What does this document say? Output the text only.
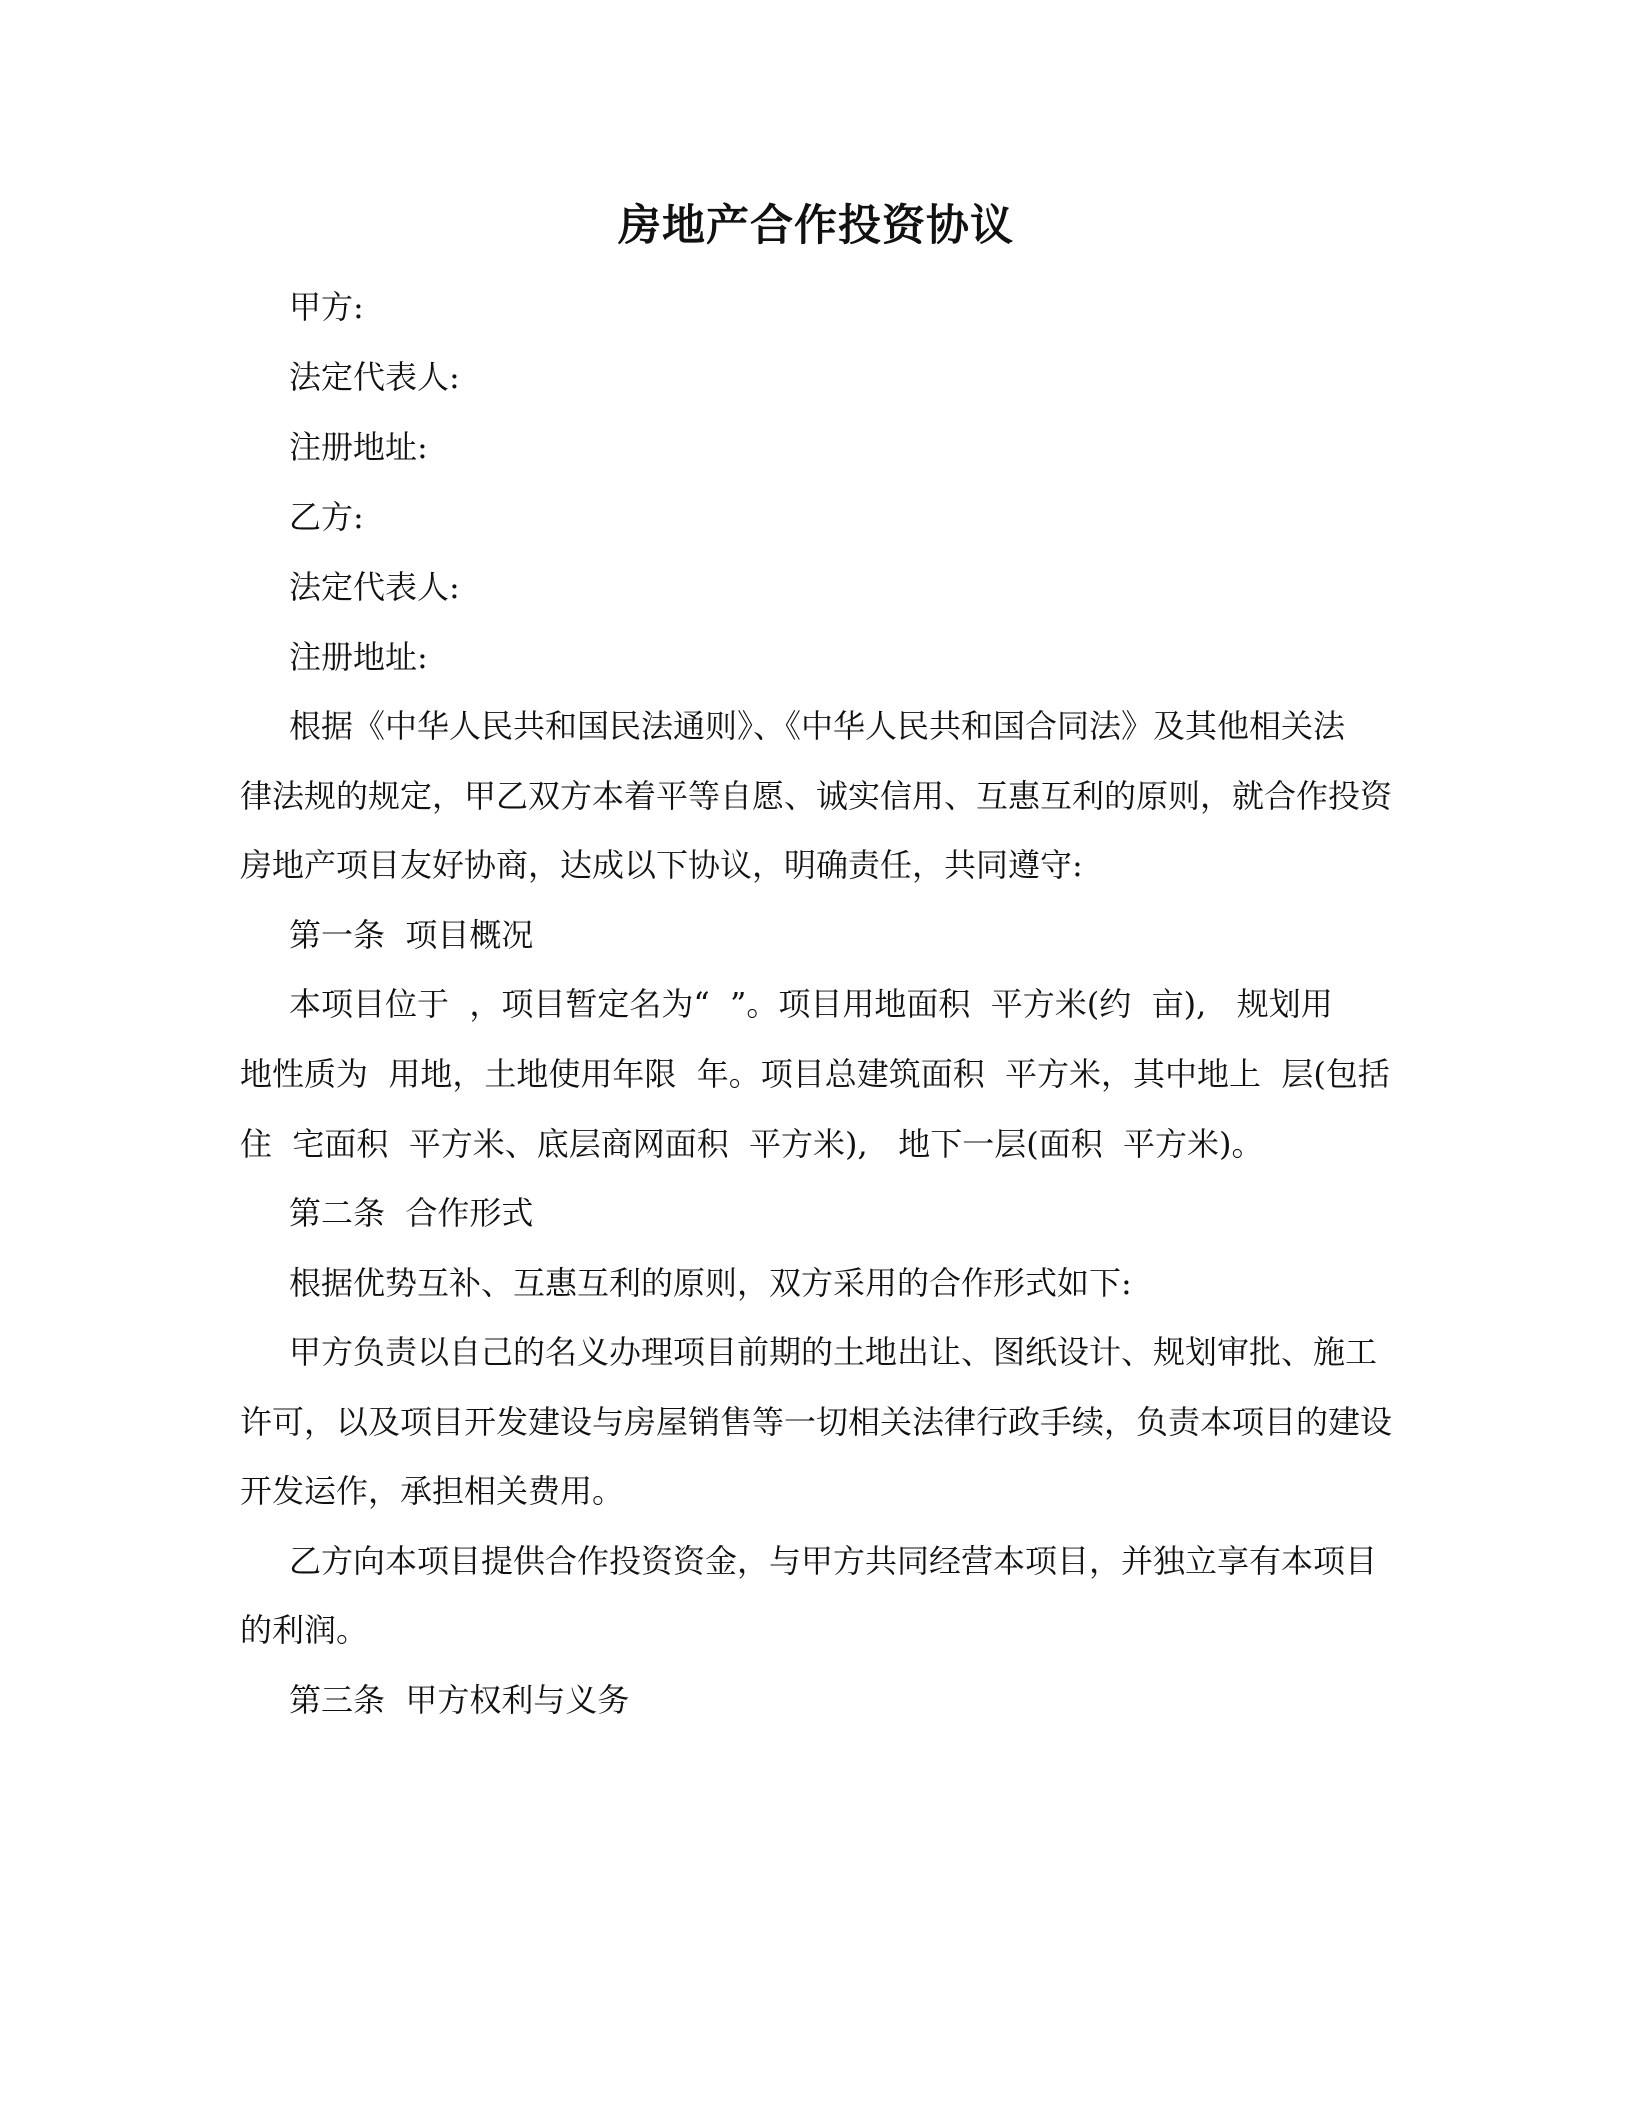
房地产合作投资协议
甲方:
法定代表人:
注册地址:
乙方:
法定代表人:
注册地址:
根据《中华人民共和国民法通则》、《中华人民共和国合同法》及其他相关法
律法规的规定，甲乙双方本着平等自愿、诚实信用、互惠互利的原则，就合作投资
房地产项目友好协商，达成以下协议，明确责任，共同遵守:
第一条  项目概况
本项目位于  ，项目暂定名为“  ”。项目用地面积  平方米(约  亩),   规划用
地性质为  用地，土地使用年限  年。项目总建筑面积  平方米，其中地上  层(包括
住  宅面积  平方米、底层商网面积  平方米),   地下一层(面积  平方米)。
第二条  合作形式
根据优势互补、互惠互利的原则，双方采用的合作形式如下:
甲方负责以自己的名义办理项目前期的土地出让、图纸设计、规划审批、施工
许可，以及项目开发建设与房屋销售等一切相关法律行政手续，负责本项目的建设
开发运作，承担相关费用。
乙方向本项目提供合作投资资金，与甲方共同经营本项目，并独立享有本项目
的利润。
第三条  甲方权利与义务
